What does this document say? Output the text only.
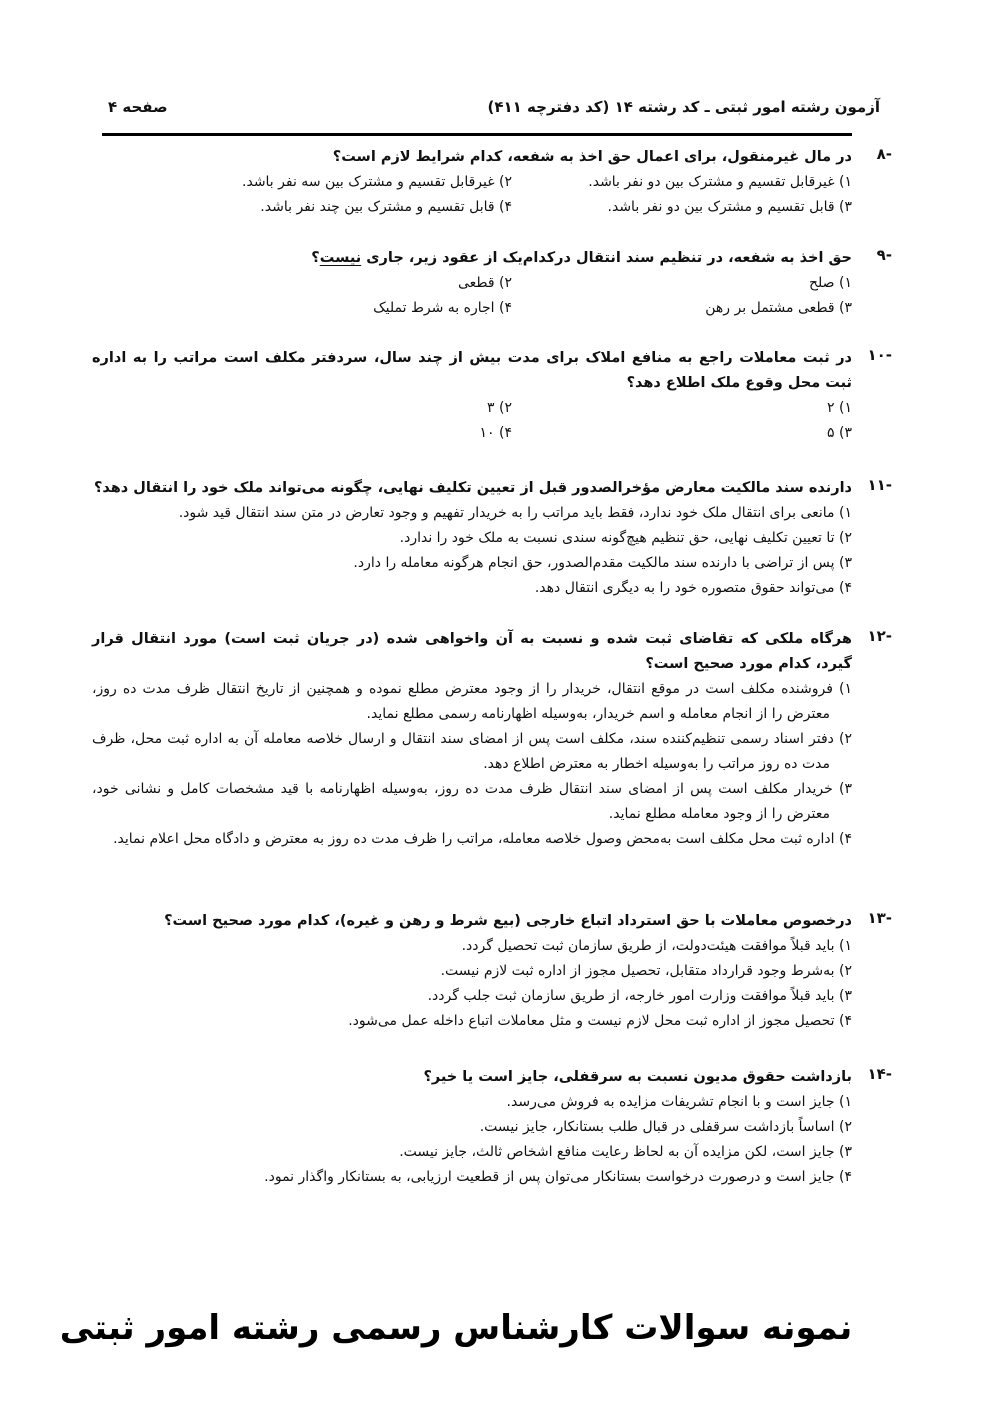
آزمون رشته امور ثبتی ـ کد رشته ۱۴ (کد دفترچه ۴۱۱)
صفحه ۴
-۸

در مال غیرمنقول، برای اعمال حق اخذ به شفعه، کدام شرایط لازم است؟

۱) غیرقابل تقسیم و مشترک بین دو نفر باشد.
۲) غیرقابل تقسیم و مشترک بین سه نفر باشد.
۳) قابل تقسیم و مشترک بین دو نفر باشد.
۴) قابل تقسیم و مشترک بین چند نفر باشد.
-۹

حق اخذ به شفعه، در تنظیم سند انتقال درکدام‌یک از عقود زیر، جاری نیست؟

۱) صلح
۲) قطعی
۳) قطعی مشتمل بر رهن
۴) اجاره به شرط تملیک
-۱۰

در ثبت معاملات راجع به منافع املاک برای مدت بیش از چند سال، سردفتر مکلف است مراتب را به اداره ثبت محل وقوع ملک اطلاع دهد؟

۱) ۲
۲) ۳
۳) ۵
۴) ۱۰
-۱۱

دارنده سند مالکیت معارض مؤخرالصدور قبل از تعیین تکلیف نهایی، چگونه می‌تواند ملک خود را انتقال دهد؟

۱) مانعی برای انتقال ملک خود ندارد، فقط باید مراتب را به خریدار تفهیم و وجود تعارض در متن سند انتقال قید شود.
۲) تا تعیین تکلیف نهایی، حق تنظیم هیچ‌گونه سندی نسبت به ملک خود را ندارد.
۳) پس از تراضی با دارنده سند مالکیت مقدم‌الصدور، حق انجام هرگونه معامله را دارد.
۴) می‌تواند حقوق متصوره خود را به دیگری انتقال دهد.
-۱۲

هرگاه ملکی که تقاضای ثبت شده و نسبت به آن واخواهی شده (در جریان ثبت است) مورد انتقال قرار گیرد، کدام مورد صحیح است؟

۱) فروشنده مکلف است در موقع انتقال، خریدار را از وجود معترض مطلع نموده و همچنین از تاریخ انتقال ظرف مدت ده روز، معترض را از انجام معامله و اسم خریدار، به‌وسیله اظهارنامه رسمی مطلع نماید.
۲) دفتر اسناد رسمی تنظیم‌کننده سند، مکلف است پس از امضای سند انتقال و ارسال خلاصه معامله آن به اداره ثبت محل، ظرف مدت ده روز مراتب را به‌وسیله اخطار به معترض اطلاع دهد.
۳) خریدار مکلف است پس از امضای سند انتقال ظرف مدت ده روز، به‌وسیله اظهارنامه با قید مشخصات کامل و نشانی خود، معترض را از وجود معامله مطلع نماید.
۴) اداره ثبت محل مکلف است به‌محض وصول خلاصه معامله، مراتب را ظرف مدت ده روز به معترض و دادگاه محل اعلام نماید.
-۱۳

درخصوص معاملات با حق استرداد اتباع خارجی (بیع شرط و رهن و غیره)، کدام مورد صحیح است؟

۱) باید قبلاً موافقت هیئت‌دولت، از طریق سازمان ثبت تحصیل گردد.
۲) به‌شرط وجود قرارداد متقابل، تحصیل مجوز از اداره ثبت لازم نیست.
۳) باید قبلاً موافقت وزارت امور خارجه، از طریق سازمان ثبت جلب گردد.
۴) تحصیل مجوز از اداره ثبت محل لازم نیست و مثل معاملات اتباع داخله عمل می‌شود.
-۱۴

بازداشت حقوق مدیون نسبت به سرقفلی، جایز است یا خیر؟

۱) جایز است و با انجام تشریفات مزایده به فروش می‌رسد.
۲) اساساً بازداشت سرقفلی در قبال طلب بستانکار، جایز نیست.
۳) جایز است، لکن مزایده آن به لحاظ رعایت منافع اشخاص ثالث، جایز نیست.
۴) جایز است و درصورت درخواست بستانکار می‌توان پس از قطعیت ارزیابی، به بستانکار واگذار نمود.
نمونه سوالات کارشناس رسمی رشته امور ثبتی
